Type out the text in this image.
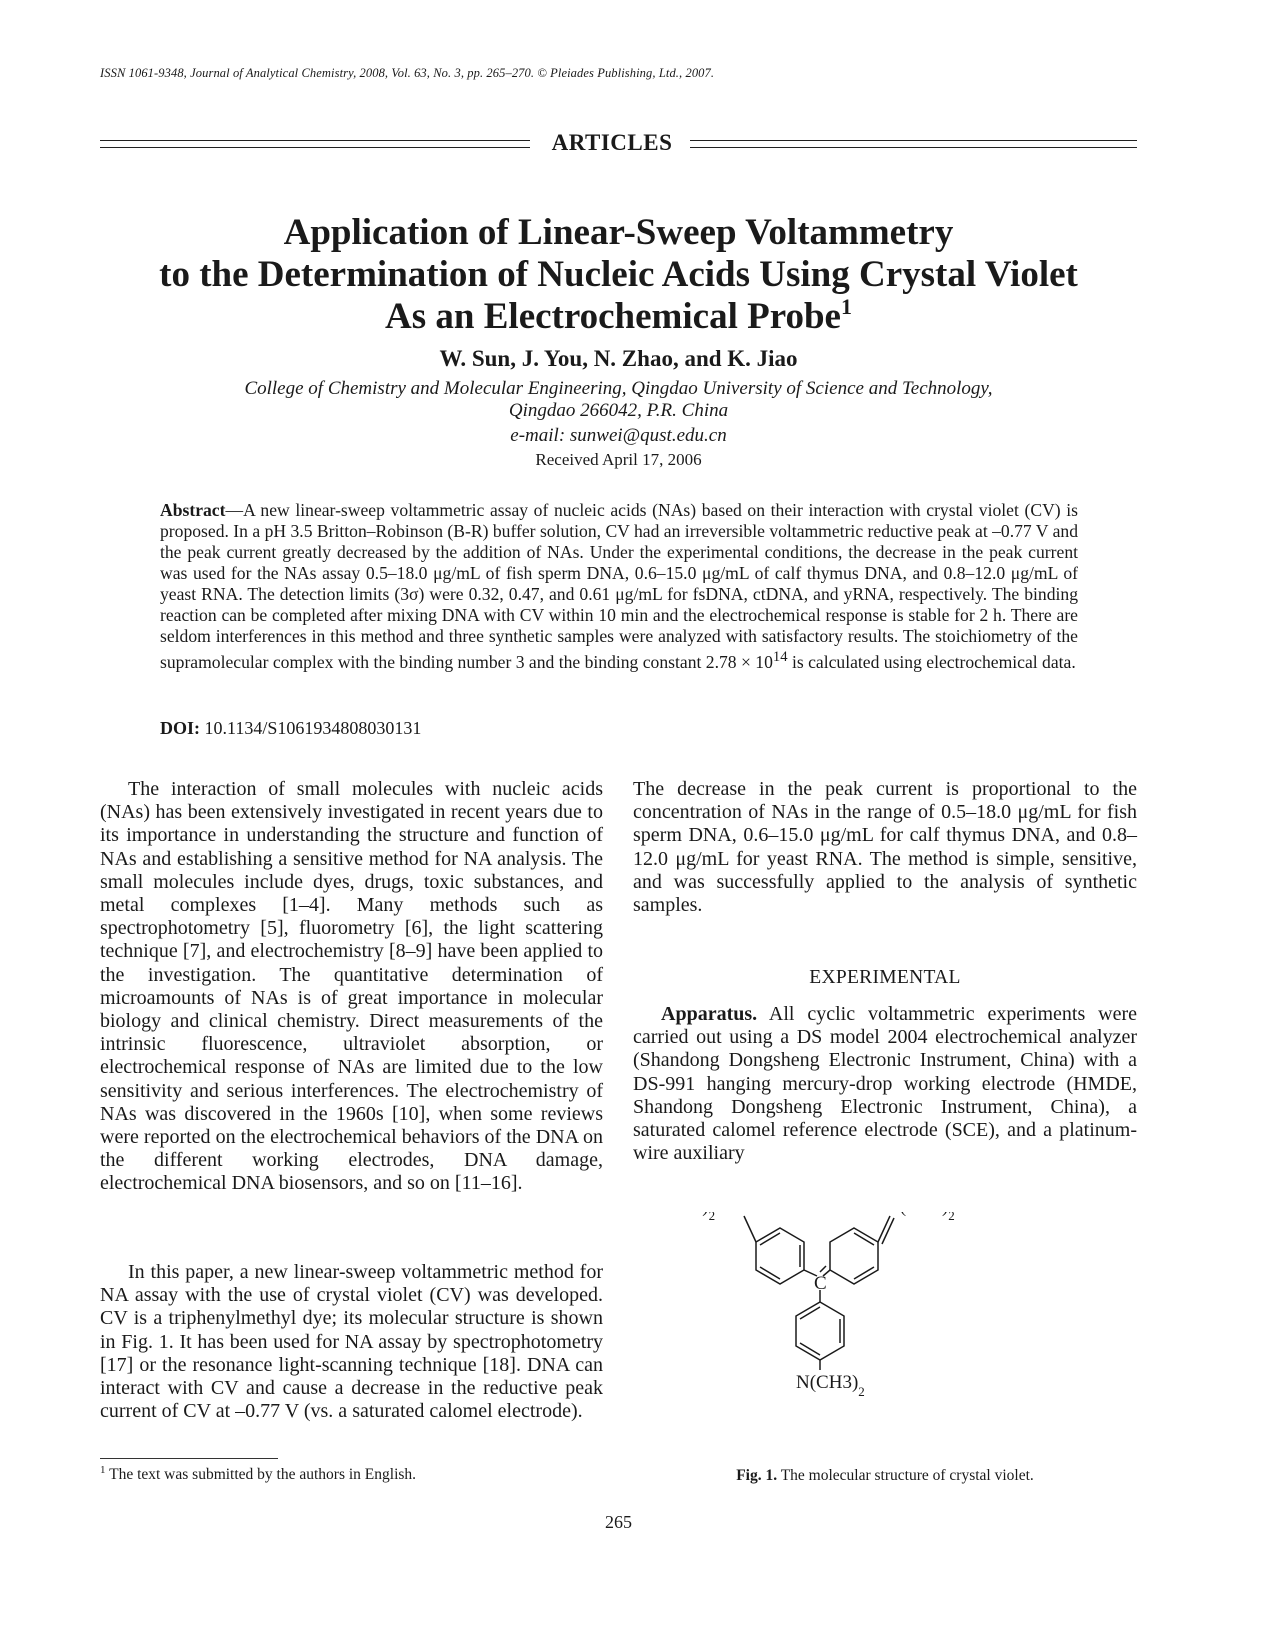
ISSN 1061-9348, Journal of Analytical Chemistry, 2008, Vol. 63, No. 3, pp. 265–270. © Pleiades Publishing, Ltd., 2007.
ARTICLES
Application of Linear-Sweep Voltammetry
to the Determination of Nucleic Acids Using Crystal Violet
As an Electrochemical Probe$^1$
W. Sun, J. You, N. Zhao, and K. Jiao
College of Chemistry and Molecular Engineering, Qingdao University of Science and Technology,
Qingdao 266042, P.R. China
e-mail: sunwei@qust.edu.cn
Received April 17, 2006
Abstract—A new linear-sweep voltammetric assay of nucleic acids (NAs) based on their interaction with crystal violet (CV) is proposed. In a pH 3.5 Britton–Robinson (B-R) buffer solution, CV had an irreversible voltammetric reductive peak at –0.77 V and the peak current greatly decreased by the addition of NAs. Under the experimental conditions, the decrease in the peak current was used for the NAs assay 0.5–18.0 μg/mL of fish sperm DNA, 0.6–15.0 μg/mL of calf thymus DNA, and 0.8–12.0 μg/mL of yeast RNA. The detection limits (3σ) were 0.32, 0.47, and 0.61 μg/mL for fsDNA, ctDNA, and yRNA, respectively. The binding reaction can be completed after mixing DNA with CV within 10 min and the electrochemical response is stable for 2 h. There are seldom interferences in this method and three synthetic samples were analyzed with satisfactory results. The stoichiometry of the supramolecular complex with the binding number 3 and the binding constant $2.78 \times 10^{14}$ is calculated using electrochemical data.
DOI: 10.1134/S1061934808030131

The interaction of small molecules with nucleic acids (NAs) has been extensively investigated in recent years due to its importance in understanding the structure and function of NAs and establishing a sensitive method for NA analysis. The small molecules include dyes, drugs, toxic substances, and metal complexes [1–4]. Many methods such as spectrophotometry [5], fluorometry [6], the light scattering technique [7], and electrochemistry [8–9] have been applied to the investigation. The quantitative determination of microamounts of NAs is of great importance in molecular biology and clinical chemistry. Direct measurements of the intrinsic fluorescence, ultraviolet absorption, or electrochemical response of NAs are limited due to the low sensitivity and serious interferences. The electrochemistry of NAs was discovered in the 1960s [10], when some reviews were reported on the electrochemical behaviors of the DNA on the different working electrodes, DNA damage, electrochemical DNA biosensors, and so on [11–16].

In this paper, a new linear-sweep voltammetric method for NA assay with the use of crystal violet (CV) was developed. CV is a triphenylmethyl dye; its molecular structure is shown in Fig. 1. It has been used for NA assay by spectrophotometry [17] or the resonance light-scanning technique [18]. DNA can interact with CV and cause a decrease in the reductive peak current of CV at –0.77 V (vs. a saturated calomel electrode).

The decrease in the peak current is proportional to the concentration of NAs in the range of 0.5–18.0 μg/mL for fish sperm DNA, 0.6–15.0 μg/mL for calf thymus DNA, and 0.8–12.0 μg/mL for yeast RNA. The method is simple, sensitive, and was successfully applied to the analysis of synthetic samples.

EXPERIMENTAL

Apparatus. All cyclic voltammetric experiments were carried out using a DS model 2004 electrochemical analyzer (Shandong Dongsheng Electronic Instrument, China) with a DS-991 hanging mercury-drop working electrode (HMDE, Shandong Dongsheng Electronic Instrument, China), a saturated calomel reference electrode (SCE), and a platinum-wire auxiliary

$_2$	$_2$
C
$N(CH3)_2$
Fig. 1. The molecular structure of crystal violet.
$^1$ The text was submitted by the authors in English.
265
